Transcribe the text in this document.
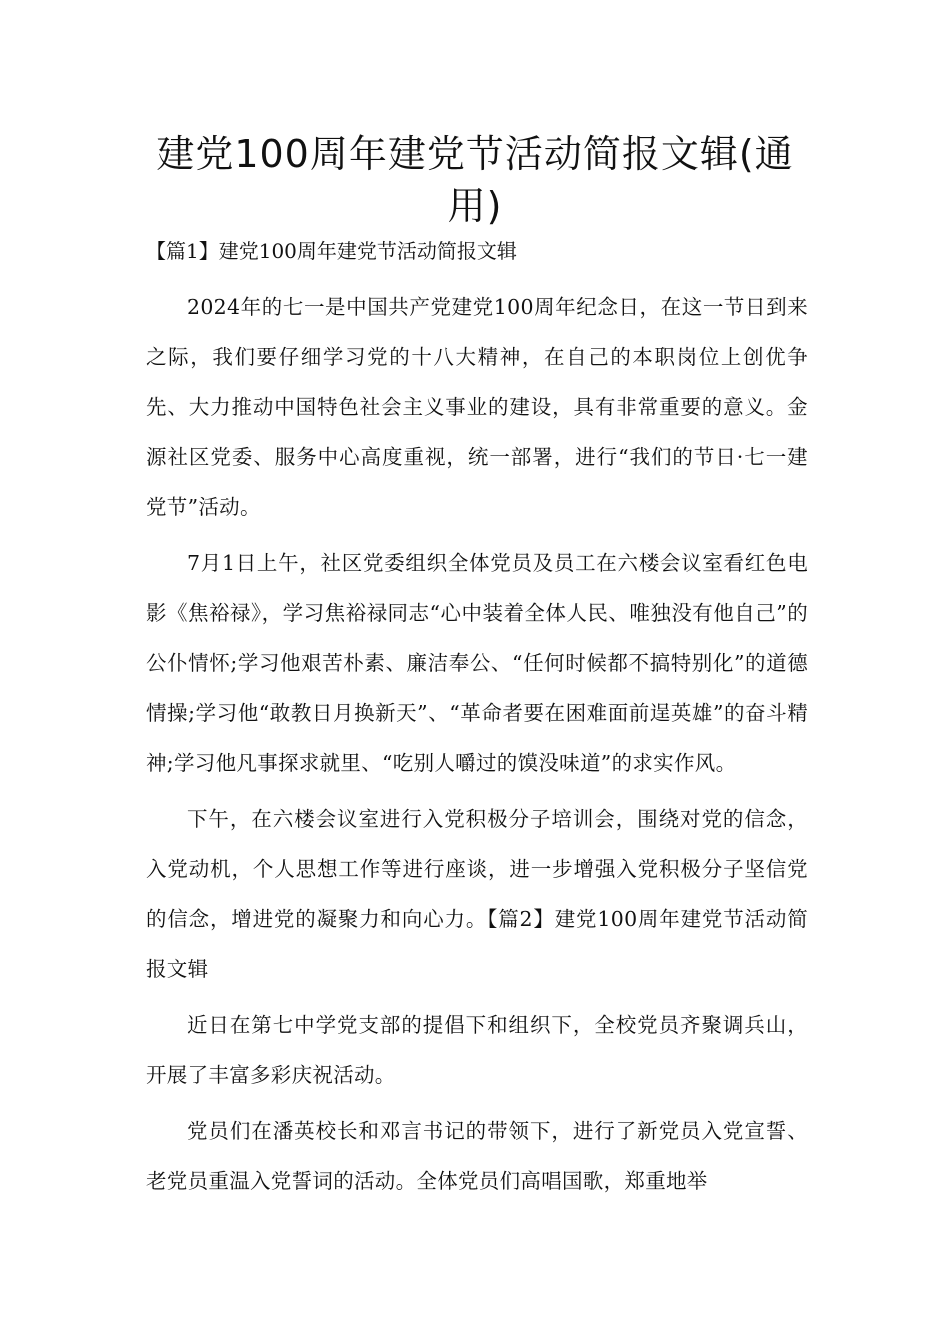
建党100周年建党节活动简报文辑(通用)

【篇1】建党100周年建党节活动简报文辑

2024年的七一是中国共产党建党100周年纪念日，在这一节日到来之际，我们要仔细学习党的十八大精神，在自己的本职岗位上创优争先、大力推动中国特色社会主义事业的建设，具有非常重要的意义。金源社区党委、服务中心高度重视，统一部署，进行“我们的节日·七一建党节”活动。

7月1日上午，社区党委组织全体党员及员工在六楼会议室看红色电影《焦裕禄》，学习焦裕禄同志“心中装着全体人民、唯独没有他自己”的公仆情怀;学习他艰苦朴素、廉洁奉公、“任何时候都不搞特别化”的道德情操;学习他“敢教日月换新天”、“革命者要在困难面前逞英雄”的奋斗精神;学习他凡事探求就里、“吃别人嚼过的馍没味道”的求实作风。

下午，在六楼会议室进行入党积极分子培训会，围绕对党的信念，入党动机，个人思想工作等进行座谈，进一步增强入党积极分子坚信党的信念，增进党的凝聚力和向心力。【篇2】建党100周年建党节活动简报文辑

近日在第七中学党支部的提倡下和组织下，全校党员齐聚调兵山，开展了丰富多彩庆祝活动。

党员们在潘英校长和邓言书记的带领下，进行了新党员入党宣誓、老党员重温入党誓词的活动。全体党员们高唱国歌，郑重地举
